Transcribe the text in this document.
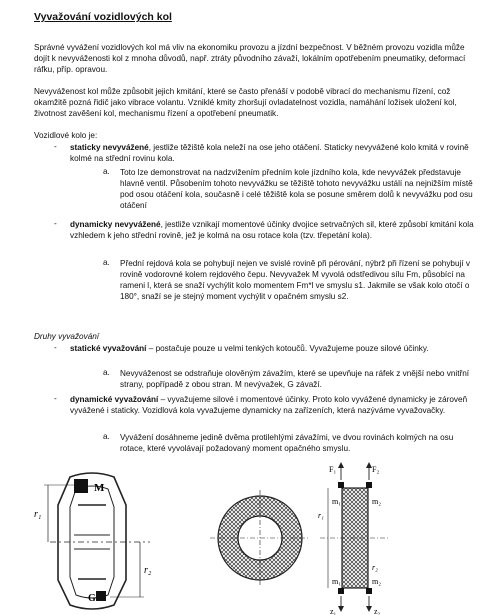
Vyvažování vozidlových kol
Správné vyvážení vozidlových kol má vliv na ekonomiku provozu a jízdní bezpečnost. V běžném provozu vozidla může dojít k nevyváženosti kol z mnoha důvodů, např. ztráty původního závaží, lokálním opotřebením pneumatiky, deformací ráfku, příp. opravou.
Nevyváženost kol může způsobit jejich kmitání, které se často přenáší v podobě vibrací do mechanismu řízení, což okamžitě pozná řidič jako vibrace volantu. Vzniklé kmity zhoršují ovladatelnost vozidla, namáhání ložisek uložení kol, životnost zavěšení kol, mechanismu řízení a opotřebení pneumatik.
Vozidlové kolo je:
- staticky nevyvážené, jestliže těžiště kola neleží na ose jeho otáčení. Staticky nevyvážené kolo kmitá v rovině kolmé na střední rovinu kola.
a. Toto lze demonstrovat na nadzvižením předním kole jízdního kola, kde nevyvážek představuje hlavně ventil. Působením tohoto nevyvážku se těžiště tohoto nevyvážku ustálí na nejnižším místě pod osou otáčení kola, současně i celé těžiště kola se posune směrem dolů k nevyvážku pod osu otáčení
- dynamicky nevyvážené, jestliže vznikají momentové účinky dvojice setrvačných sil, které způsobí kmitání kola vzhledem k jeho střední rovině, jež je kolmá na osu rotace kola (tzv. třepetání kola).
a. Přední rejdová kola se pohybují nejen ve svislé rovině při pérování, nýbrž při řízení se pohybují v rovině vodorovné kolem rejdového čepu. Nevyvažek M vyvolá odstředivou sílu Fm, působící na rameni l, která se snaží vychýlit kolo momentem Fm*l ve smyslu s1. Jakmile se však kolo otočí o 180°, snaží se je stejný moment vychýlit v opačném smyslu s2.
Druhy vyvažování
- statické vyvažování – postačuje pouze u velmi tenkých kotoučů. Vyvažujeme pouze silové účinky.
a. Nevyváženost se odstraňuje olověným závažím, které se upevňuje na ráfek z vnější nebo vnitřní strany, popřípadě z obou stran. M nevývažek, G závaží.
- dynamické vyvažování – vyvažujeme silové i momentové účinky. Proto kolo vyvážené dynamicky je zároveň vyvážené i staticky. Vozidlová kola vyvažujeme dynamicky na zařízeních, která nazýváme vyvažovačky.
a. Vyvážení dosáhneme jedině dvěma protilehlými závažími, ve dvou rovinách kolmých na osu rotace, které vyvolávají požadovaný moment opačného smyslu.
M
G
r₁
r₂
F₁	F₂
m₂
m₁
r₁
r₂
m₁	m₂
z₁	z₂
